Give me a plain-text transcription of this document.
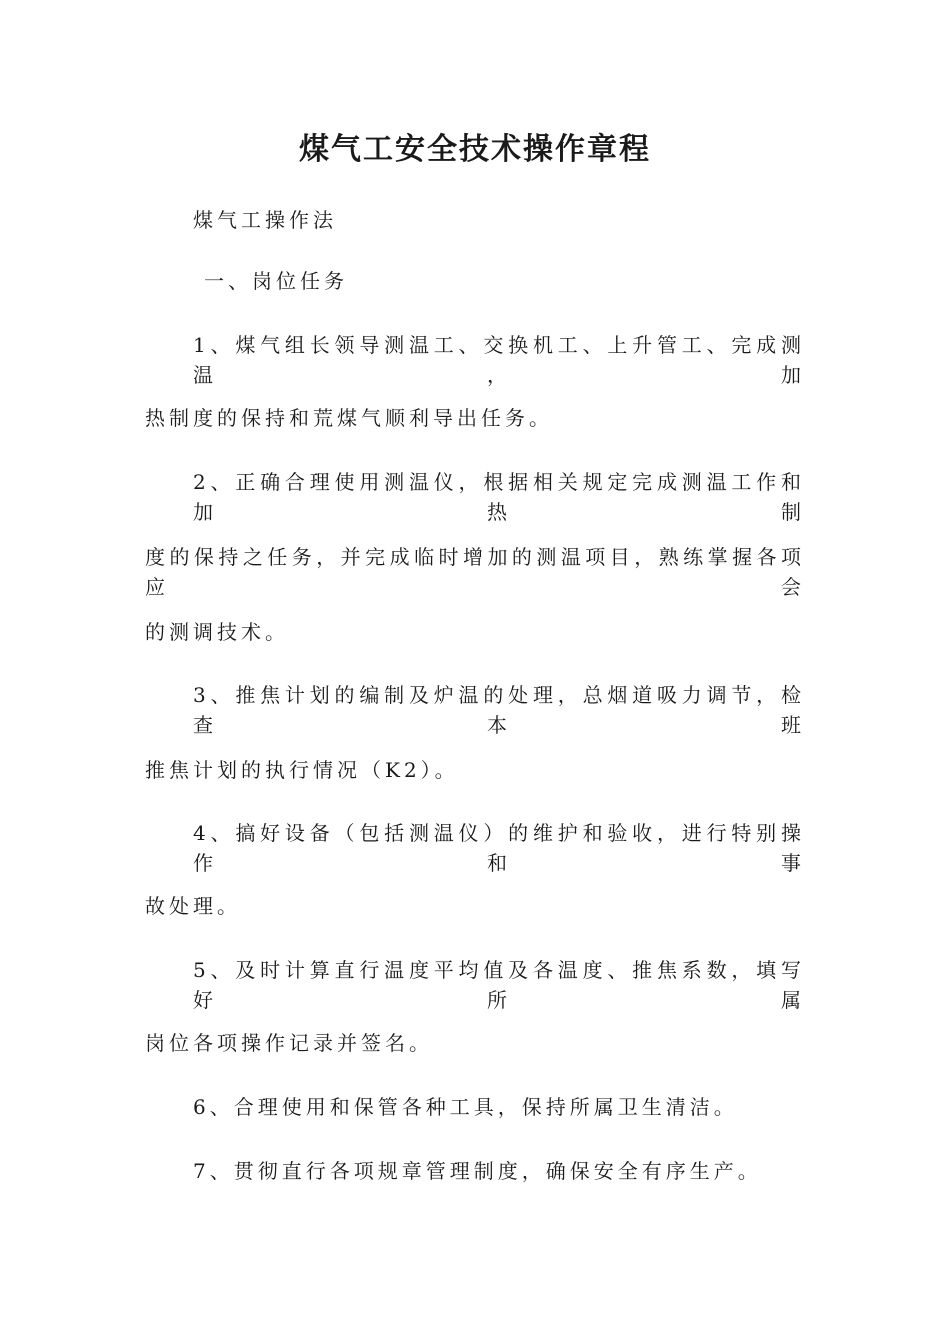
煤气工安全技术操作章程

煤气工操作法

一、岗位任务

1、煤气组长领导测温工、交换机工、上升管工、完成测温，加

热制度的保持和荒煤气顺利导出任务。

2、正确合理使用测温仪，根据相关规定完成测温工作和加热制

度的保持之任务，并完成临时增加的测温项目，熟练掌握各项应会

的测调技术。

3、推焦计划的编制及炉温的处理，总烟道吸力调节，检查本班

推焦计划的执行情况（K2）。

4、搞好设备（包括测温仪）的维护和验收，进行特别操作和事

故处理。

5、及时计算直行温度平均值及各温度、推焦系数，填写好所属

岗位各项操作记录并签名。

6、合理使用和保管各种工具，保持所属卫生清洁。

7、贯彻直行各项规章管理制度，确保安全有序生产。
